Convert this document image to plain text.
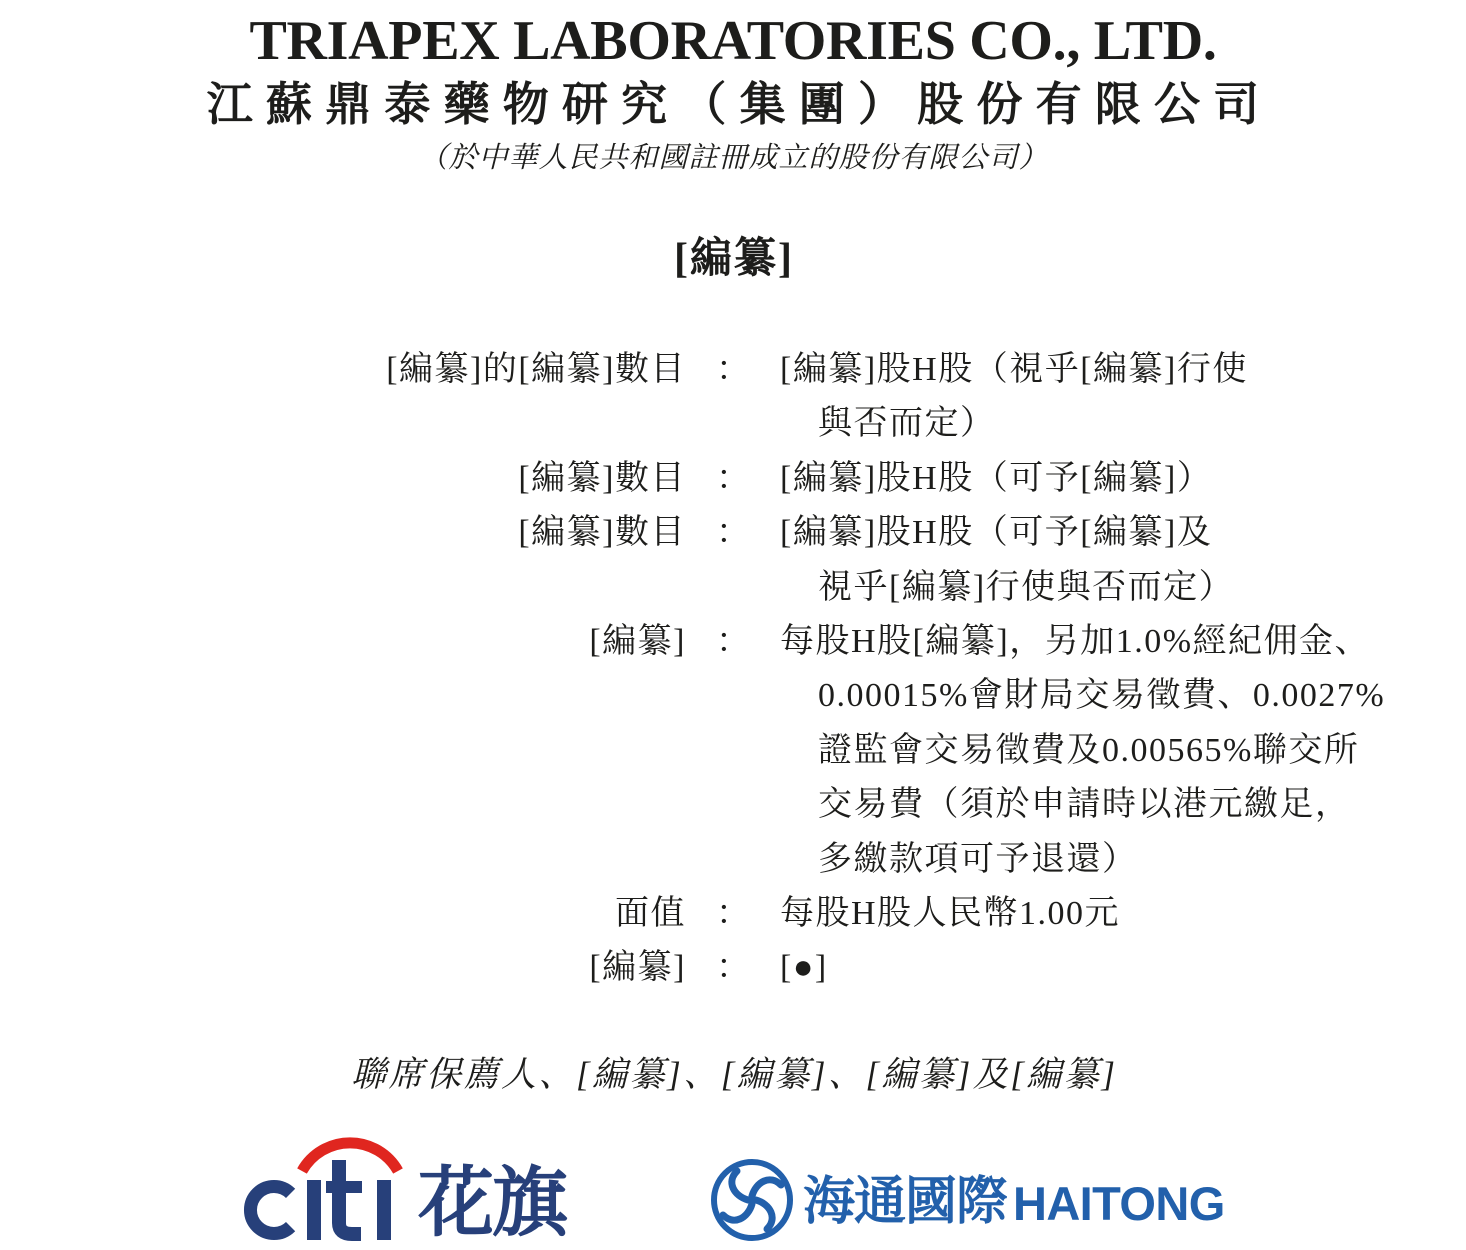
TRIAPEX LABORATORIES CO., LTD.
江蘇鼎泰藥物研究（集團）股份有限公司
（於中華人民共和國註冊成立的股份有限公司）
[編纂]
[編纂]的[編纂]數目 ： [編纂]股H股（視乎[編纂]行使
與否而定）
[編纂]數目 ： [編纂]股H股（可予[編纂]）
[編纂]數目 ： [編纂]股H股（可予[編纂]及
視乎[編纂]行使與否而定）
[編纂] ： 每股H股[編纂]，另加1.0%經紀佣金、
0.00015%會財局交易徵費、0.0027%
證監會交易徵費及0.00565%聯交所
交易費（須於申請時以港元繳足，
多繳款項可予退還）
面值 ： 每股H股人民幣1.00元
[編纂] ： [●]
聯席保薦人、[編纂]、[編纂]、[編纂]及[編纂]
花旗	海通國際 HAITONG
